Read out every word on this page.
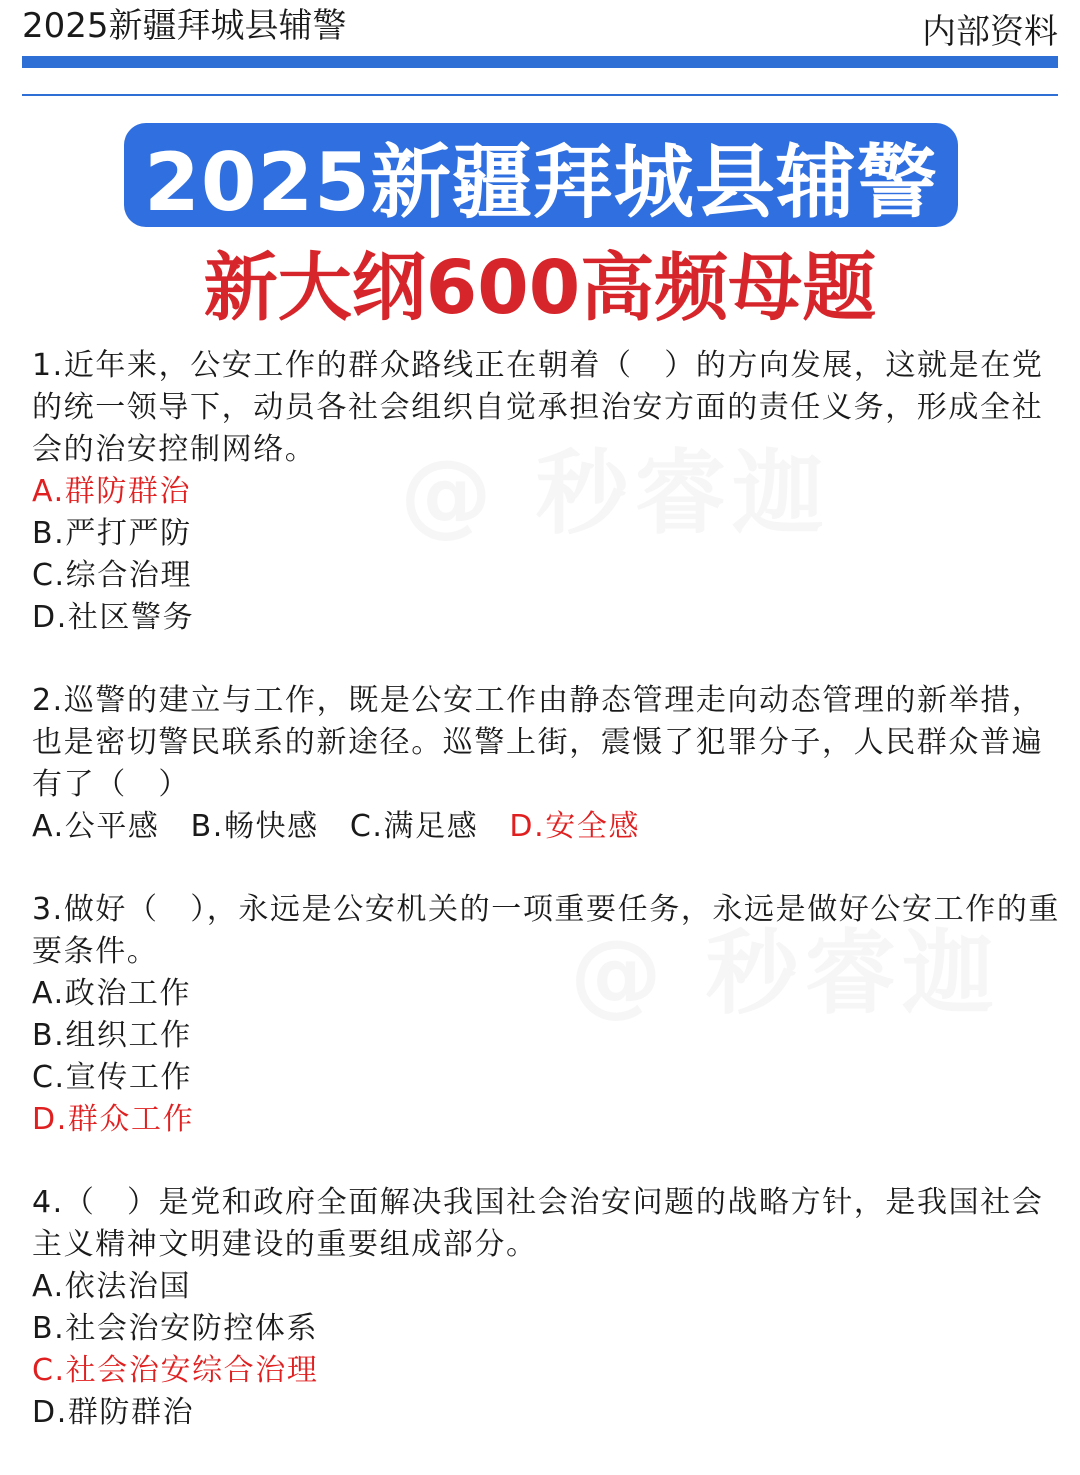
2025新疆拜城县辅警	内部资料
2025新疆拜城县辅警
新大纲600高频母题
1.近年来，公安工作的群众路线正在朝着（　）的方向发展，这就是在党的统一领导下，动员各社会组织自觉承担治安方面的责任义务，形成全社会的治安控制网络。
A.群防群治
B.严打严防
C.综合治理
D.社区警务
2.巡警的建立与工作，既是公安工作由静态管理走向动态管理的新举措，也是密切警民联系的新途径。巡警上街，震慑了犯罪分子，人民群众普遍有了（　）
A.公平感 B.畅快感 C.满足感 D.安全感
3.做好（　），永远是公安机关的一项重要任务，永远是做好公安工作的重要条件。
A.政治工作
B.组织工作
C.宣传工作
D.群众工作
4.（　）是党和政府全面解决我国社会治安问题的战略方针，是我国社会主义精神文明建设的重要组成部分。
A.依法治国
B.社会治安防控体系
C.社会治安综合治理
D.群防群治
